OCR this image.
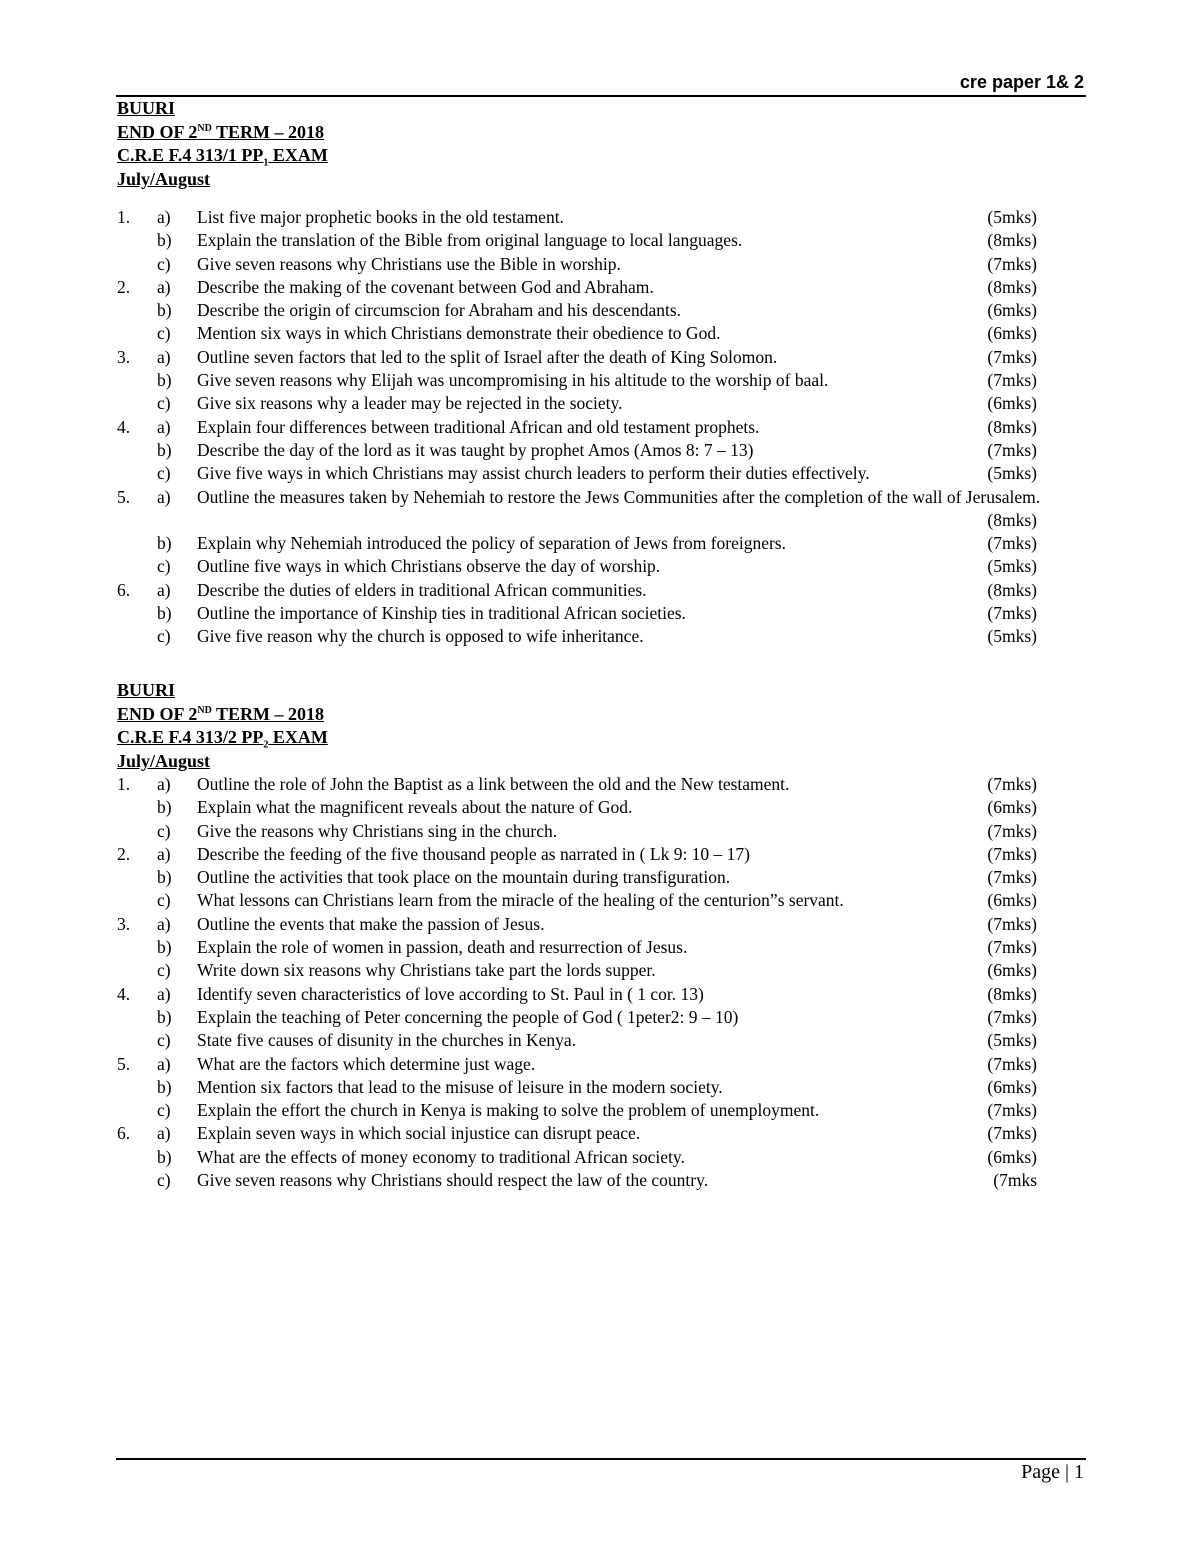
cre paper 1& 2
BUURI
END OF 2ND TERM – 2018
C.R.E F.4 313/1 $PP_1$ EXAM
July/August
1. a) List five major prophetic books in the old testament.	(5mks)
b) Explain the translation of the Bible from original language to local languages.	(8mks)
c) Give seven reasons why Christians use the Bible in worship.	(7mks)
2. a) Describe the making of the covenant between God and Abraham.	(8mks)
b) Describe the origin of circumscion for Abraham and his descendants.	(6mks)
c) Mention six ways in which Christians demonstrate their obedience to God.	(6mks)
3. a) Outline seven factors that led to the split of Israel after the death of King Solomon.	(7mks)
b) Give seven reasons why Elijah was uncompromising in his altitude to the worship of baal.	(7mks)
c) Give six reasons why a leader may be rejected in the society.	(6mks)
4. a) Explain four differences between traditional African and old testament prophets.	(8mks)
b) Describe the day of the lord as it was taught by prophet Amos (Amos 8: 7 – 13)	(7mks)
c) Give five ways in which Christians may assist church leaders to perform their duties effectively.	(5mks)
5. a) Outline the measures taken by Nehemiah to restore the Jews Communities after the completion of the wall of Jerusalem.
(8mks)
b) Explain why Nehemiah introduced the policy of separation of Jews from foreigners.	(7mks)
c) Outline five ways in which Christians observe the day of worship.	(5mks)
6. a) Describe the duties of elders in traditional African communities.	(8mks)
b) Outline the importance of Kinship ties in traditional African societies.	(7mks)
c) Give five reason why the church is opposed to wife inheritance.	(5mks)
BUURI
END OF 2ND TERM – 2018
C.R.E F.4 313/2 $PP_2$ EXAM
July/August
1. a) Outline the role of John the Baptist as a link between the old and the New testament.	(7mks)
b) Explain what the magnificent reveals about the nature of God.	(6mks)
c) Give the reasons why Christians sing in the church.	(7mks)
2. a) Describe the feeding of the five thousand people as narrated in ( Lk 9: 10 – 17)	(7mks)
b) Outline the activities that took place on the mountain during transfiguration.	(7mks)
c) What lessons can Christians learn from the miracle of the healing of the centurion”s servant.	(6mks)
3. a) Outline the events that make the passion of Jesus.	(7mks)
b) Explain the role of women in passion, death and resurrection of Jesus.	(7mks)
c) Write down six reasons why Christians take part the lords supper.	(6mks)
4. a) Identify seven characteristics of love according to St. Paul in ( 1 cor. 13)	(8mks)
b) Explain the teaching of Peter concerning the people of God ( 1peter2: 9 – 10)	(7mks)
c) State five causes of disunity in the churches in Kenya.	(5mks)
5. a) What are the factors which determine just wage.	(7mks)
b) Mention six factors that lead to the misuse of leisure in the modern society.	(6mks)
c) Explain the effort the church in Kenya is making to solve the problem of unemployment.	(7mks)
6. a) Explain seven ways in which social injustice can disrupt peace.	(7mks)
b) What are the effects of money economy to traditional African society.	(6mks)
c) Give seven reasons why Christians should respect the law of the country.	(7mks
Page | 1
